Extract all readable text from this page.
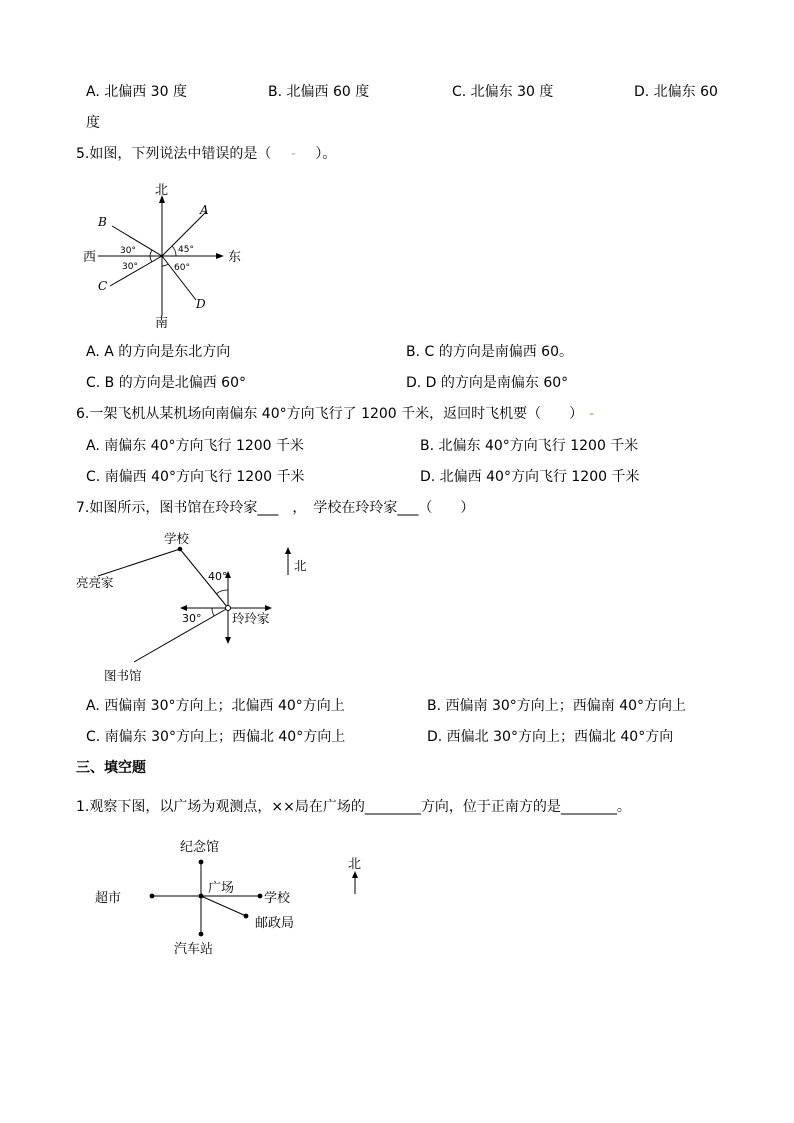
A. 北偏西 30 度	B. 北偏西 60 度	C. 北偏东 30 度	D. 北偏东 60
度
5.如图，下列说法中错误的是（ - ）。
北
南
东
西
A
B
C
D
30°
30°
45°
60°
A. A 的方向是东北方向	B. C 的方向是南偏西 60。
C. B 的方向是北偏西 60°	D. D 的方向是南偏东 60°
6.一架飞机从某机场向南偏东 40°方向飞行了 1200 千米，返回时飞机要（　　） -
A. 南偏东 40°方向飞行 1200 千米	B. 北偏东 40°方向飞行 1200 千米
C. 南偏西 40°方向飞行 1200 千米	D. 北偏西 40°方向飞行 1200 千米
7.如图所示，图书馆在玲玲家___　，　学校在玲玲家___（　　）
学校
亮亮家
玲玲家
图书馆
40°
30°
北
A. 西偏南 30°方向上；北偏西 40°方向上	B. 西偏南 30°方向上；西偏南 40°方向上
C. 南偏东 30°方向上；西偏北 40°方向上	D. 西偏北 30°方向上；西偏北 40°方向
三、填空题
1.观察下图，以广场为观测点，××局在广场的________方向，位于正南方的是________。
纪念馆
超市
广场
学校
邮政局
汽车站
北
